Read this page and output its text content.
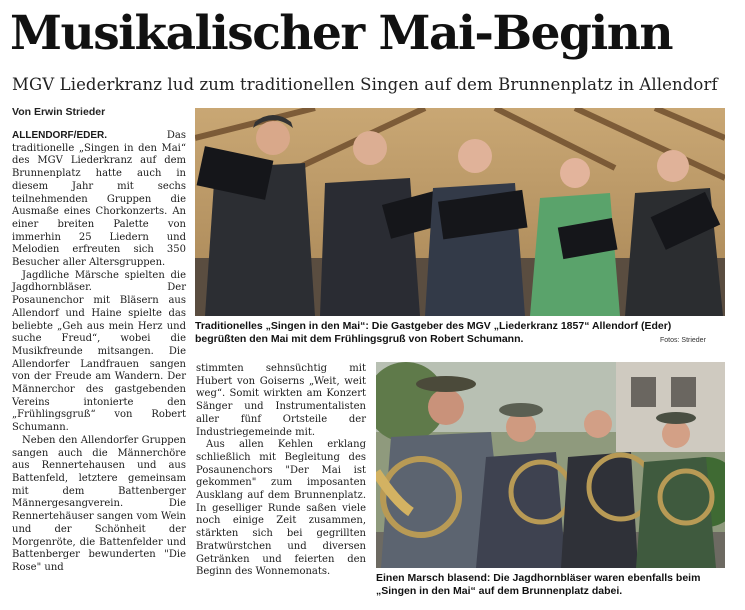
Musikalischer Mai-Beginn
MGV Liederkranz lud zum traditionellen Singen auf dem Brunnenplatz in Allendorf
Von Erwin Strieder

ALLENDORF/EDER.	Das traditionelle „Singen in den Mai“ des MGV Liederkranz auf dem Brunnenplatz hatte auch in diesem Jahr mit sechs teilnehmenden Gruppen die Ausmaße eines Chorkonzerts. An einer breiten Palette von immerhin 25 Liedern und Melodien erfreuten sich 350 Besucher aller Altersgruppen.

Jagdliche Märsche spielten die Jagdhornbläser. Der Posaunenchor mit Bläsern aus Allendorf und Haine spielte das beliebte „Geh aus mein Herz und suche Freud“, wobei die Musikfreunde mitsangen. Die Allendorfer Landfrauen sangen von der Freude am Wandern. Der Männerchor des gastgebenden Vereins intonierte den „Frühlingsgruß“ von Robert Schumann.

Neben den Allendorfer Gruppen sangen auch die Männerchöre aus Rennertehausen und aus Battenfeld, letztere gemeinsam mit dem Battenberger Männergesangverein. Die Rennertehäuser sangen vom Wein und der Schönheit der Morgenröte, die Battenfelder und Battenberger bewunderten "Die Rose" und

stimmten sehnsüchtig mit Hubert von Goiserns „Weit, weit weg“. Somit wirkten am Konzert Sänger und Instrumentalisten aller fünf Ortsteile der Industriegemeinde mit.

Aus allen Kehlen erklang schließlich mit Begleitung des Posaunenchors "Der Mai ist gekommen" zum imposanten Ausklang auf dem Brunnenplatz. In geselliger Runde saßen viele noch einige Zeit zusammen, stärkten sich bei gegrillten Bratwürstchen und diversen Getränken und feierten den Beginn des Wonnemonats.

Traditionelles „Singen in den Mai“: Die Gastgeber des MGV „Liederkranz 1857“ Allendorf (Eder) begrüßten den Mai mit dem Frühlingsgruß von Robert Schumann.	Fotos: Strieder
Einen Marsch blasend: Die Jagdhornbläser waren ebenfalls beim „Singen in den Mai“ auf dem Brunnenplatz dabei.
